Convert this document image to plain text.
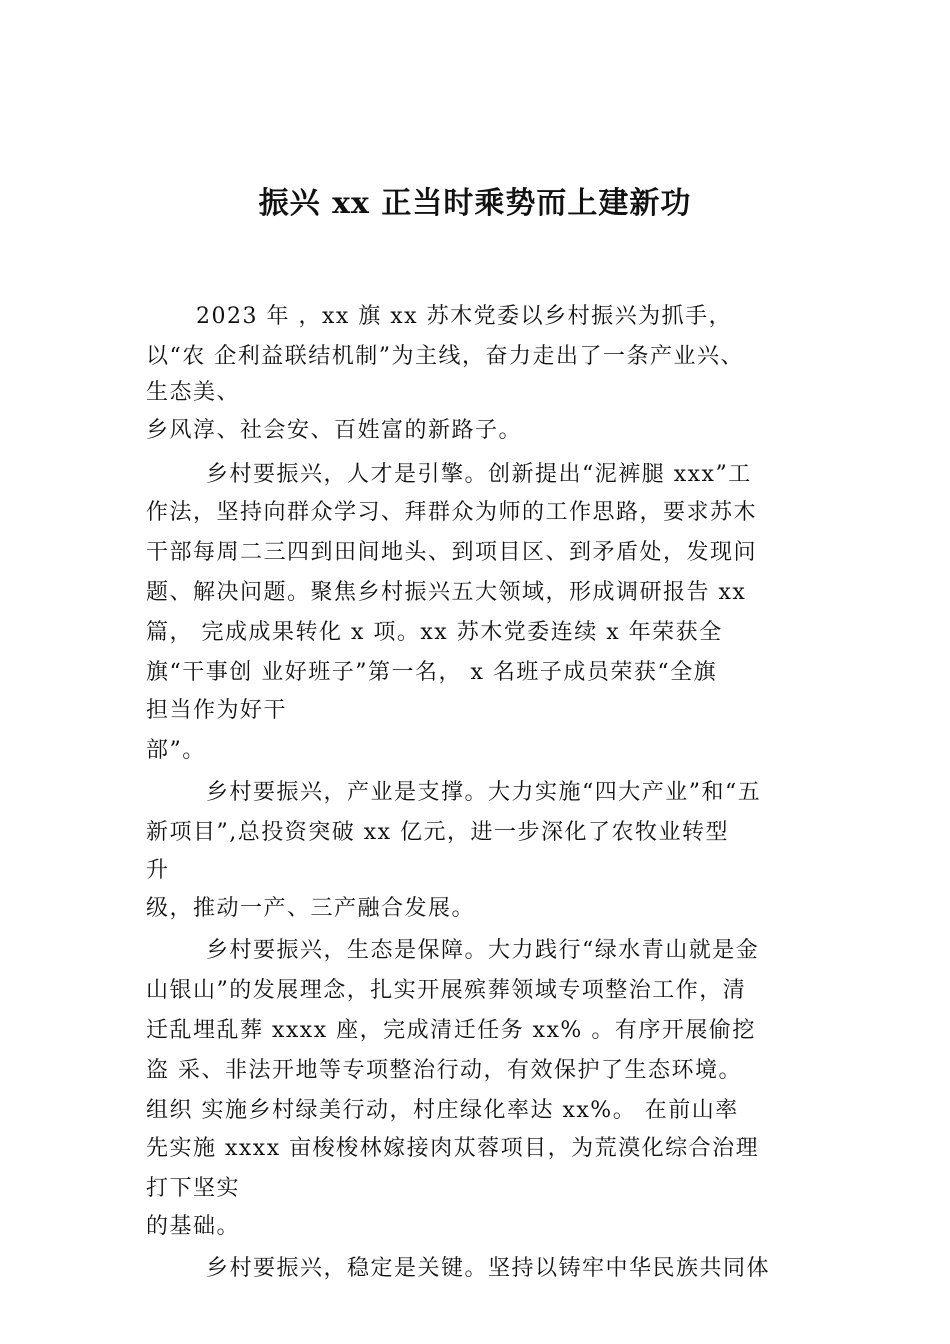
振兴 xx 正当时乘势而上建新功
2023 年 ，xx 旗 xx 苏木党委以乡村振兴为抓手，
以“农 企利益联结机制”为主线，奋力走出了一条产业兴、
生态美、
乡风淳、社会安、百姓富的新路子。
乡村要振兴，人才是引擎。创新提出“泥裤腿 xxx”工
作法，坚持向群众学习、拜群众为师的工作思路，要求苏木
干部每周二三四到田间地头、到项目区、到矛盾处，发现问
题、解决问题。聚焦乡村振兴五大领域，形成调研报告 xx
篇， 完成成果转化 x 项。xx 苏木党委连续 x 年荣获全
旗“干事创 业好班子”第一名， x 名班子成员荣获“全旗
担当作为好干
部”。
乡村要振兴，产业是支撑。大力实施“四大产业”和“五
新项目”,总投资突破 xx 亿元，进一步深化了农牧业转型
升
级，推动一产、三产融合发展。
乡村要振兴，生态是保障。大力践行“绿水青山就是金
山银山”的发展理念，扎实开展殡葬领域专项整治工作，清
迁乱埋乱葬 xxxx 座，完成清迁任务 xx% 。有序开展偷挖
盗 采、非法开地等专项整治行动，有效保护了生态环境。
组织 实施乡村绿美行动，村庄绿化率达 xx%。 在前山率
先实施 xxxx 亩梭梭林嫁接肉苁蓉项目，为荒漠化综合治理
打下坚实
的基础。
乡村要振兴，稳定是关键。坚持以铸牢中华民族共同体
